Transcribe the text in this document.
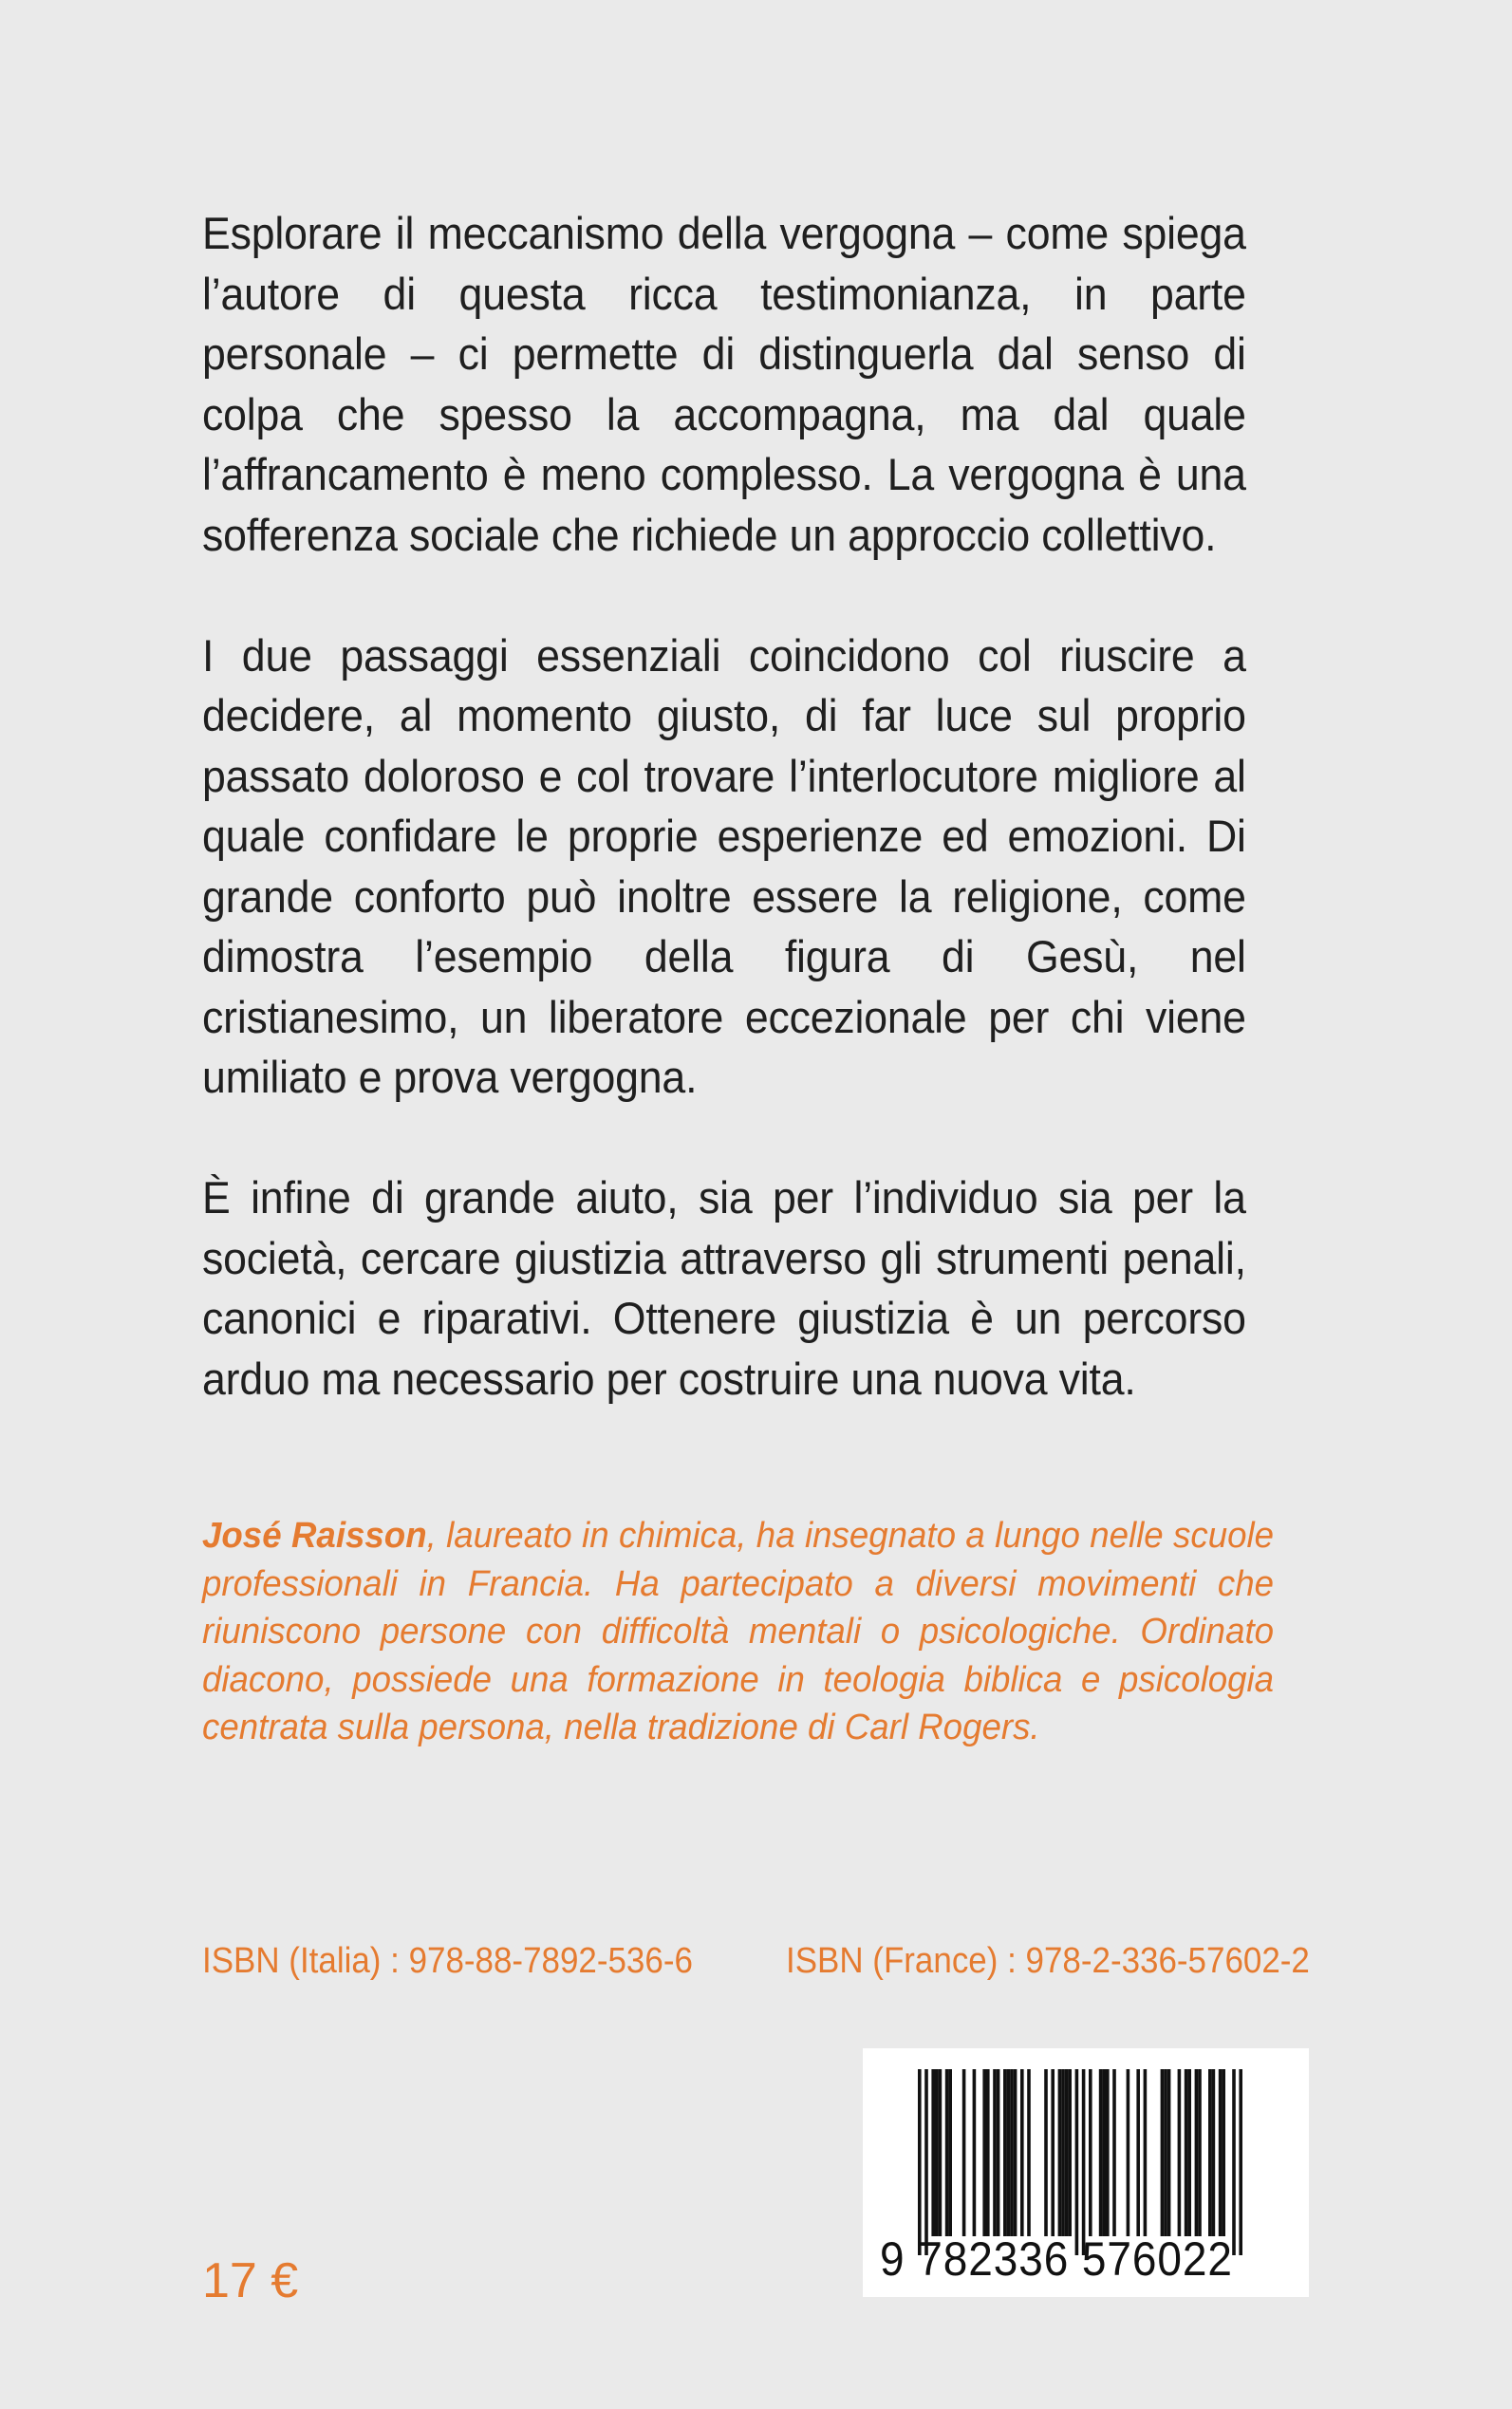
Esplorare il meccanismo della vergogna – come spiega l’autore di questa ricca testimonianza, in parte personale – ci permette di distinguerla dal senso di colpa che spesso la accompagna, ma dal quale l’affrancamento è meno complesso. La vergogna è una sofferenza sociale che richiede un approccio collettivo.

I due passaggi essenziali coincidono col riuscire a decidere, al momento giusto, di far luce sul proprio passato doloroso e col trovare l’interlocutore migliore al quale confidare le proprie esperienze ed emozioni. Di grande conforto può inoltre essere la religione, come dimostra l’esempio della figura di Gesù, nel cristianesimo, un liberatore eccezionale per chi viene umiliato e prova vergogna.

È infine di grande aiuto, sia per l’individuo sia per la società, cercare giustizia attraverso gli strumenti penali, canonici e riparativi. Ottenere giustizia è un percorso arduo ma necessario per costruire una nuova vita.

José Raisson, laureato in chimica, ha insegnato a lungo nelle scuole professionali in Francia. Ha partecipato a diversi movimenti che riuniscono persone con difficoltà mentali o psicologiche. Ordinato diacono, possiede una formazione in teologia biblica e psicologia centrata sulla persona, nella tradizione di Carl Rogers.

ISBN (Italia) : 978-88-7892-536-6	ISBN (France) : 978-2-336-57602-2
9 782336 576022
17 €
